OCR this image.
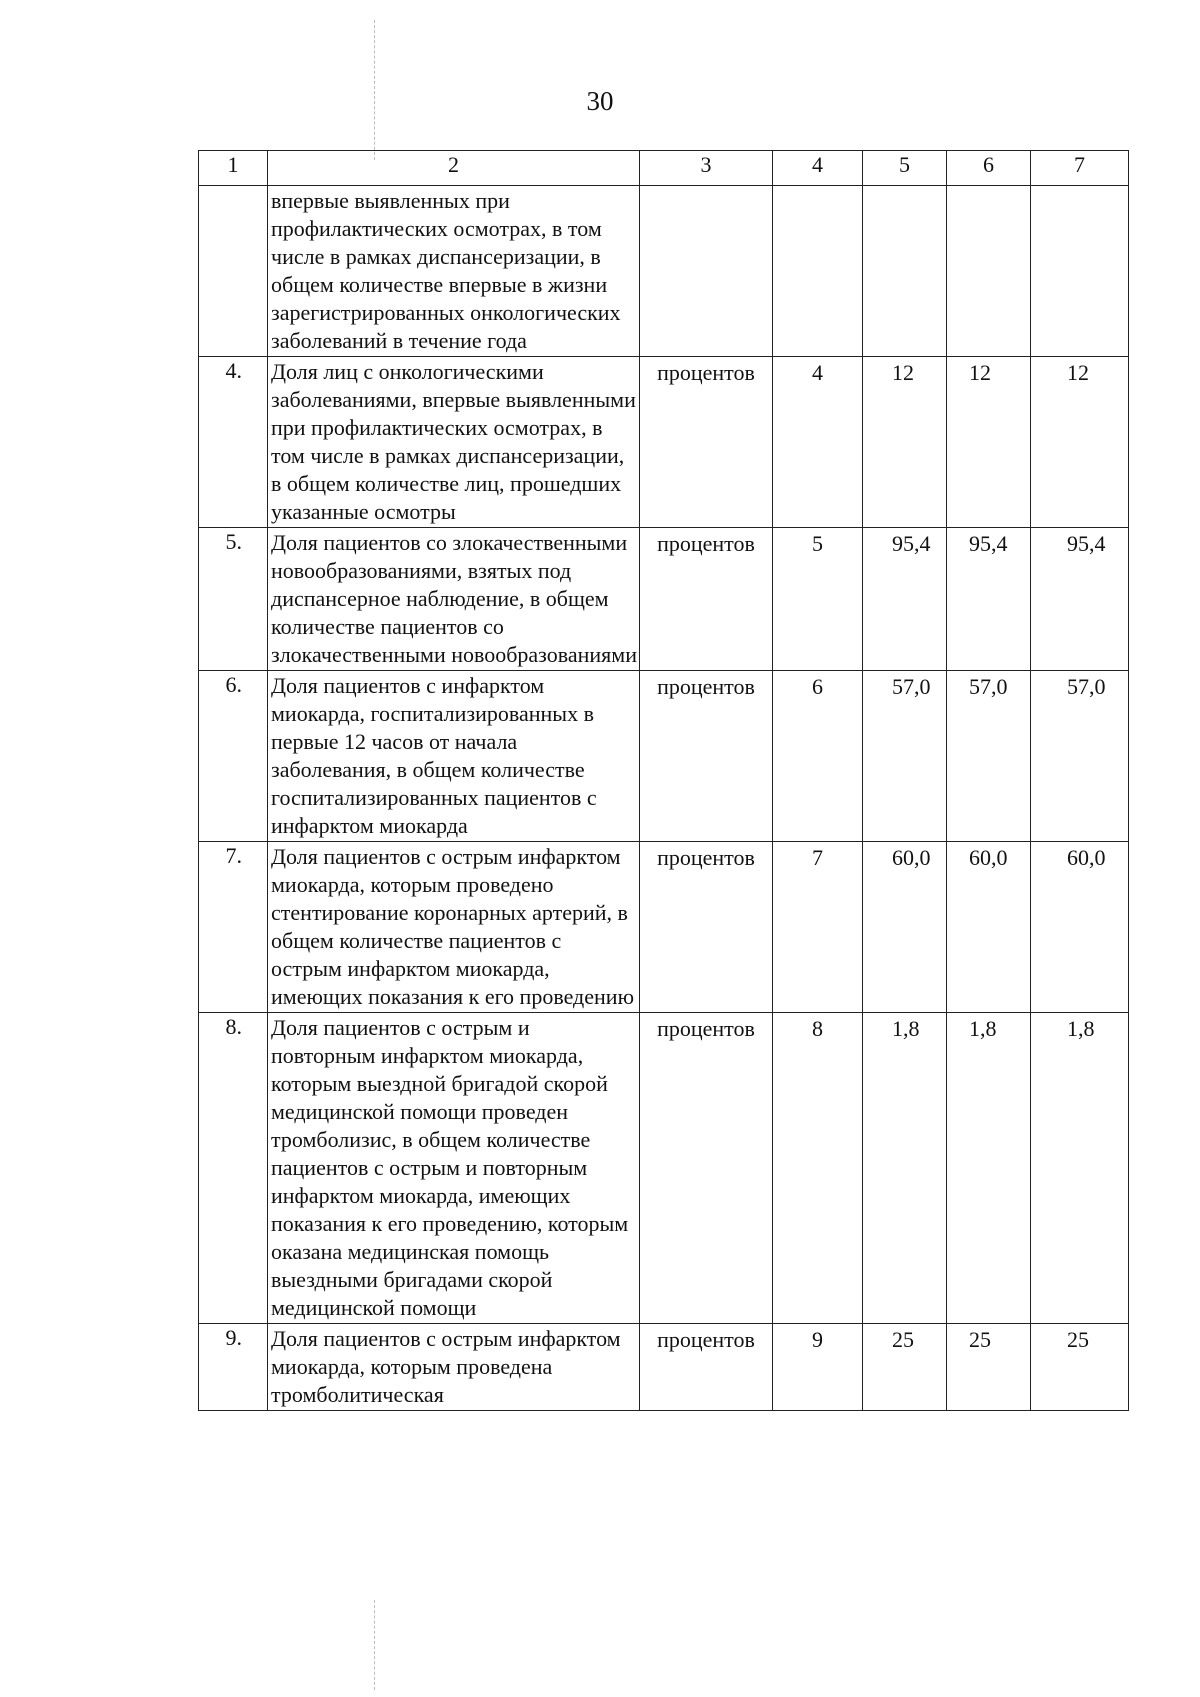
30
1	2	3	4	5	6	7
	впервые выявленных при профилактических осмотрах, в том числе в рамках диспансеризации, в общем количестве впервые в жизни зарегистрированных онкологических заболеваний в течение года					
4.	Доля лиц с онкологическими заболеваниями, впервые выявленными при профилактических осмотрах, в том числе в рамках диспансеризации, в общем количестве лиц, прошедших указанные осмотры	процентов	4	12	12	12
5.	Доля пациентов со злокачественными новообразованиями, взятых под диспансерное наблюдение, в общем количестве пациентов со злокачественными новообразованиями	процентов	5	95,4	95,4	95,4
6.	Доля пациентов с инфарктом миокарда, госпитализированных в первые 12 часов от начала заболевания, в общем количестве госпитализированных пациентов с инфарктом миокарда	процентов	6	57,0	57,0	57,0
7.	Доля пациентов с острым инфарктом миокарда, которым проведено стентирование коронарных артерий, в общем количестве пациентов с острым инфарктом миокарда, имеющих показания к его проведению	процентов	7	60,0	60,0	60,0
8.	Доля пациентов с острым и повторным инфарктом миокарда, которым выездной бригадой скорой медицинской помощи проведен тромболизис, в общем количестве пациентов с острым и повторным инфарктом миокарда, имеющих показания к его проведению, которым оказана медицинская помощь выездными бригадами скорой медицинской помощи	процентов	8	1,8	1,8	1,8
9.	Доля пациентов с острым инфарктом миокарда, которым проведена тромболитическая	процентов	9	25	25	25
